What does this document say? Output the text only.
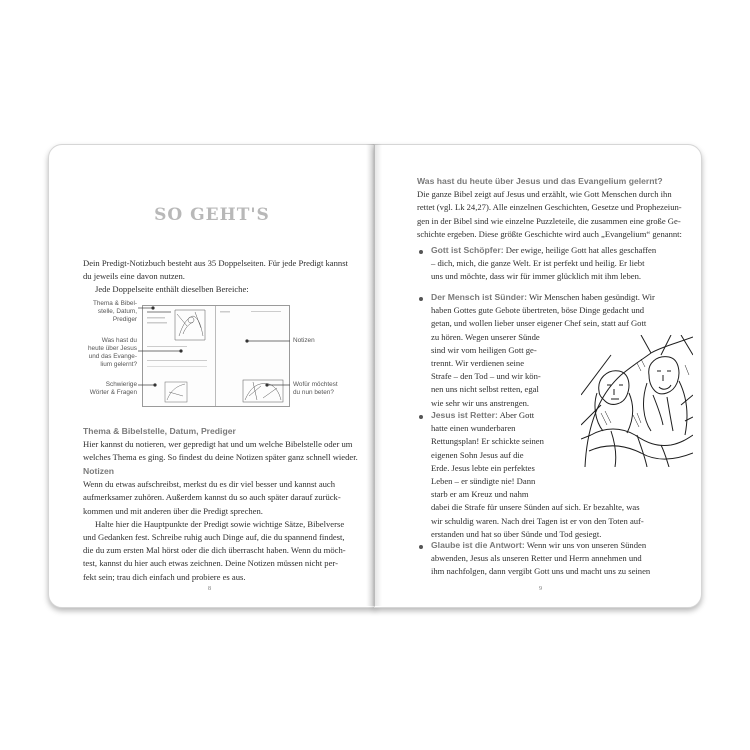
SO GEHT'S

Dein Predigt-Notizbuch besteht aus 35 Doppelseiten. Für jede Predigt kannst

du jeweils eine davon nutzen.

Jede Doppelseite enthält dieselben Bereiche:

Thema & Bibel-
stelle, Datum,
Prediger
Was hast du
heute über Jesus
und das Evange-
lium gelernt?
Schwierige
Wörter & Fragen
Notizen
Wofür möchtest
du nun beten?

Thema & Bibelstelle, Datum, Prediger

Hier kannst du notieren, wer gepredigt hat und um welche Bibelstelle oder um

welches Thema es ging. So findest du deine Notizen später ganz schnell wieder.

Notizen

Wenn du etwas aufschreibst, merkst du es dir viel besser und kannst auch

aufmerksamer zuhören. Außerdem kannst du so auch später darauf zurück-

kommen und mit anderen über die Predigt sprechen.

Halte hier die Hauptpunkte der Predigt sowie wichtige Sätze, Bibelverse

und Gedanken fest. Schreibe ruhig auch Dinge auf, die du spannend findest,

die du zum ersten Mal hörst oder die dich überrascht haben. Wenn du möch-

test, kannst du hier auch etwas zeichnen. Deine Notizen müssen nicht per-

fekt sein; trau dich einfach und probiere es aus.

8

Was hast du heute über Jesus und das Evangelium gelernt?

Die ganze Bibel zeigt auf Jesus und erzählt, wie Gott Menschen durch ihn

rettet (vgl. Lk 24,27). Alle einzelnen Geschichten, Gesetze und Prophezeiun-

gen in der Bibel sind wie einzelne Puzzleteile, die zusammen eine große Ge-

schichte ergeben. Diese größte Geschichte wird auch „Evangelium“ genannt:

Gott ist Schöpfer: Der ewige, heilige Gott hat alles geschaffen

– dich, mich, die ganze Welt. Er ist perfekt und heilig. Er liebt

uns und möchte, dass wir für immer glücklich mit ihm leben.

Der Mensch ist Sünder: Wir Menschen haben gesündigt. Wir

haben Gottes gute Gebote übertreten, böse Dinge gedacht und

getan, und wollen lieber unser eigener Chef sein, statt auf Gott

zu hören. Wegen unserer Sünde

sind wir vom heiligen Gott ge-

trennt. Wir verdienen seine

Strafe – den Tod – und wir kön-

nen uns nicht selbst retten, egal

wie sehr wir uns anstrengen.

Jesus ist Retter: Aber Gott

hatte einen wunderbaren

Rettungsplan! Er schickte seinen

eigenen Sohn Jesus auf die

Erde. Jesus lebte ein perfektes

Leben – er sündigte nie! Dann

starb er am Kreuz und nahm

dabei die Strafe für unsere Sünden auf sich. Er bezahlte, was

wir schuldig waren. Nach drei Tagen ist er von den Toten auf-

erstanden und hat so über Sünde und Tod gesiegt.

Glaube ist die Antwort: Wenn wir uns von unseren Sünden

abwenden, Jesus als unseren Retter und Herrn annehmen und

ihm nachfolgen, dann vergibt Gott uns und macht uns zu seinen

9
